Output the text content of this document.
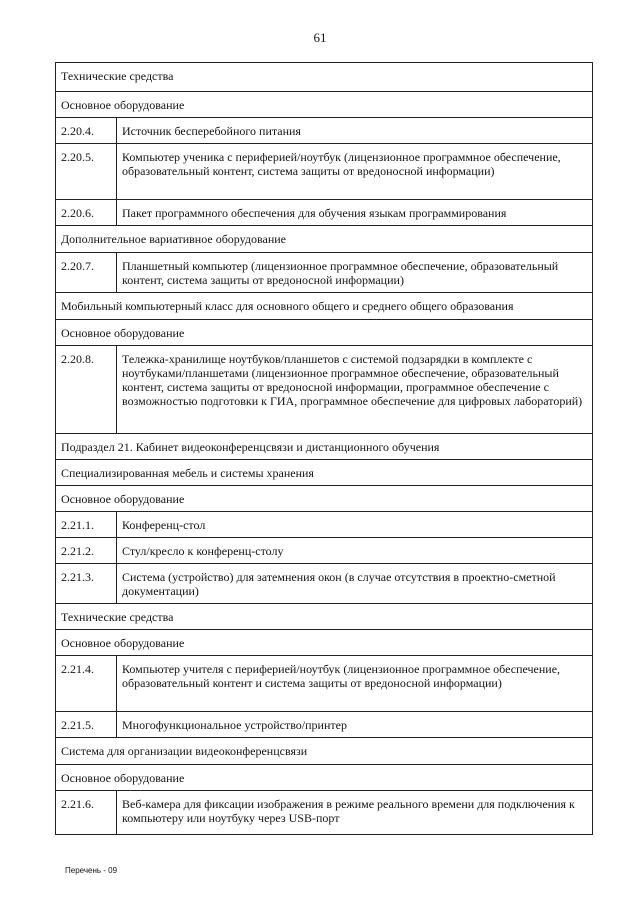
61
Технические средства	
Основное оборудование	
2.20.4.	Источник бесперебойного питания
2.20.5.	Компьютер ученика с периферией/ноутбук (лицензионное программное обеспечение, образовательный контент, система защиты от вредоносной информации)
2.20.6.	Пакет программного обеспечения для обучения языкам программирования
Дополнительное вариативное оборудование	
2.20.7.	Планшетный компьютер (лицензионное программное обеспечение, образовательный контент, система защиты от вредоносной информации)
Мобильный компьютерный класс для основного общего и среднего общего образования	
Основное оборудование	
2.20.8.	Тележка-хранилище ноутбуков/планшетов с системой подзарядки в комплекте с ноутбуками/планшетами (лицензионное программное обеспечение, образовательный контент, система защиты от вредоносной информации, программное обеспечение с возможностью подготовки к ГИА, программное обеспечение для цифровых лабораторий)
Подраздел 21. Кабинет видеоконференцсвязи и дистанционного обучения	
Специализированная мебель и системы хранения	
Основное оборудование	
2.21.1.	Конференц-стол
2.21.2.	Стул/кресло к конференц-столу
2.21.3.	Система (устройство) для затемнения окон (в случае отсутствия в проектно-сметной документации)
Технические средства	
Основное оборудование	
2.21.4.	Компьютер учителя с периферией/ноутбук (лицензионное программное обеспечение, образовательный контент и система защиты от вредоносной информации)
2.21.5.	Многофункциональное устройство/принтер
Система для организации видеоконференцсвязи	
Основное оборудование	
2.21.6.	Веб-камера для фиксации изображения в режиме реального времени для подключения к компьютеру или ноутбуку через USB-порт
Перечень - 09
